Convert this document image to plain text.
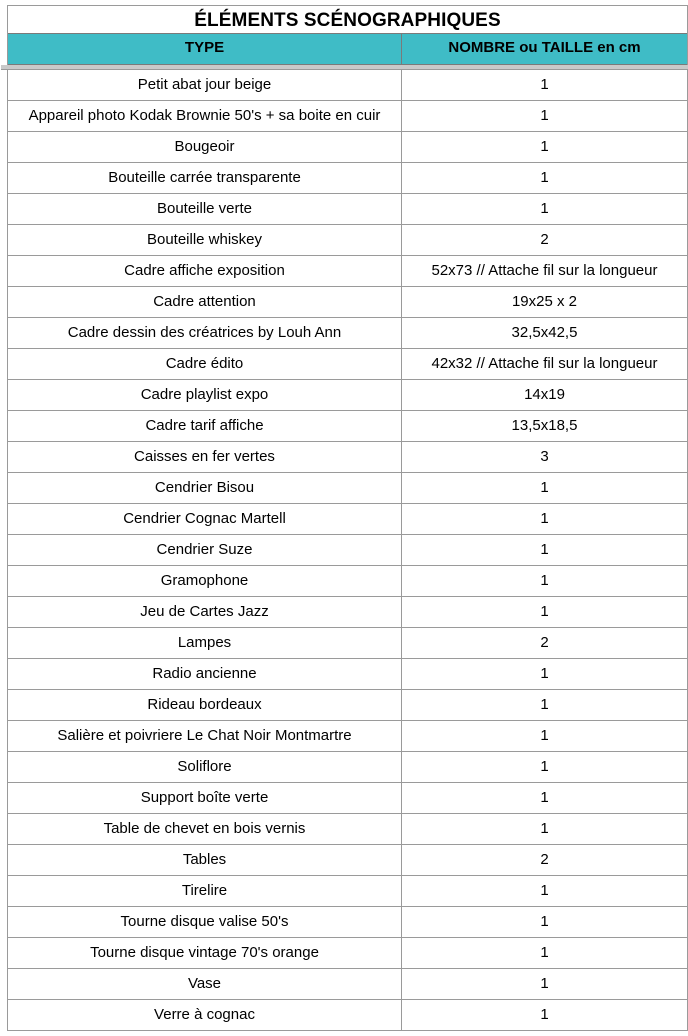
ÉLÉMENTS SCÉNOGRAPHIQUES
TYPE	NOMBRE ou TAILLE en cm
Petit abat jour beige	1
Appareil photo Kodak Brownie 50's + sa boite en cuir	1
Bougeoir	1
Bouteille carrée transparente	1
Bouteille verte	1
Bouteille whiskey	2
Cadre affiche exposition	52x73 // Attache fil sur la longueur
Cadre attention	19x25 x 2
Cadre dessin des créatrices by Louh Ann	32,5x42,5
Cadre édito	42x32 // Attache fil sur la longueur
Cadre playlist expo	14x19
Cadre tarif affiche	13,5x18,5
Caisses en fer vertes	3
Cendrier Bisou	1
Cendrier Cognac Martell	1
Cendrier Suze	1
Gramophone	1
Jeu de Cartes Jazz	1
Lampes	2
Radio ancienne	1
Rideau bordeaux	1
Salière et poivriere Le Chat Noir Montmartre	1
Soliflore	1
Support boîte verte	1
Table de chevet en bois vernis	1
Tables	2
Tirelire	1
Tourne disque valise 50's	1
Tourne disque vintage 70's orange	1
Vase	1
Verre à cognac	1
